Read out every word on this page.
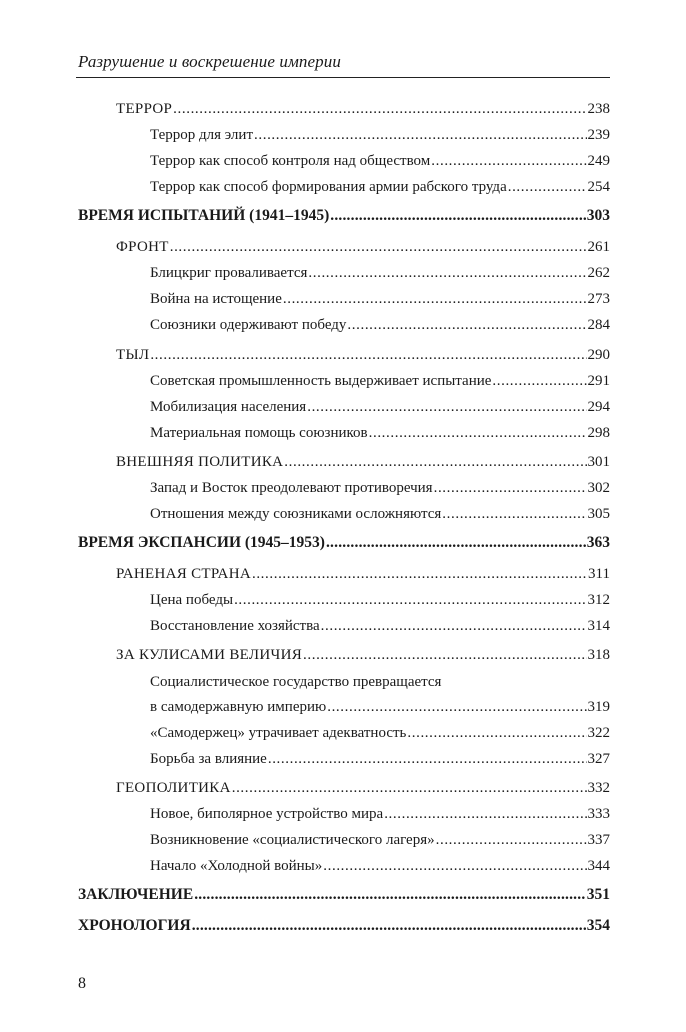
Разрушение и воскрешение империи
ТЕРРОР .....	238
Террор для элит .....	239
Террор как способ контроля над обществом .....	249
Террор как способ формирования армии рабского труда .....	254
ВРЕМЯ ИСПЫТАНИЙ (1941–1945) .....	303
ФРОНТ .....	261
Блицкриг проваливается .....	262
Война на истощение .....	273
Союзники одерживают победу .....	284
ТЫЛ .....	290
Советская промышленность выдерживает испытание .....	291
Мобилизация населения .....	294
Материальная помощь союзников .....	298
ВНЕШНЯЯ ПОЛИТИКА .....	301
Запад и Восток преодолевают противоречия .....	302
Отношения между союзниками осложняются .....	305
ВРЕМЯ ЭКСПАНСИИ (1945–1953) .....	363
РАНЕНАЯ СТРАНА .....	311
Цена победы .....	312
Восстановление хозяйства .....	314
ЗА КУЛИСАМИ ВЕЛИЧИЯ .....	318
Социалистическое государство превращается
в самодержавную империю .....	319
«Самодержец» утрачивает адекватность .....	322
Борьба за влияние .....	327
ГЕОПОЛИТИКА .....	332
Новое, биполярное устройство мира .....	333
Возникновение «социалистического лагеря» .....	337
Начало «Холодной войны» .....	344
ЗАКЛЮЧЕНИЕ .....	351
ХРОНОЛОГИЯ .....	354
8
